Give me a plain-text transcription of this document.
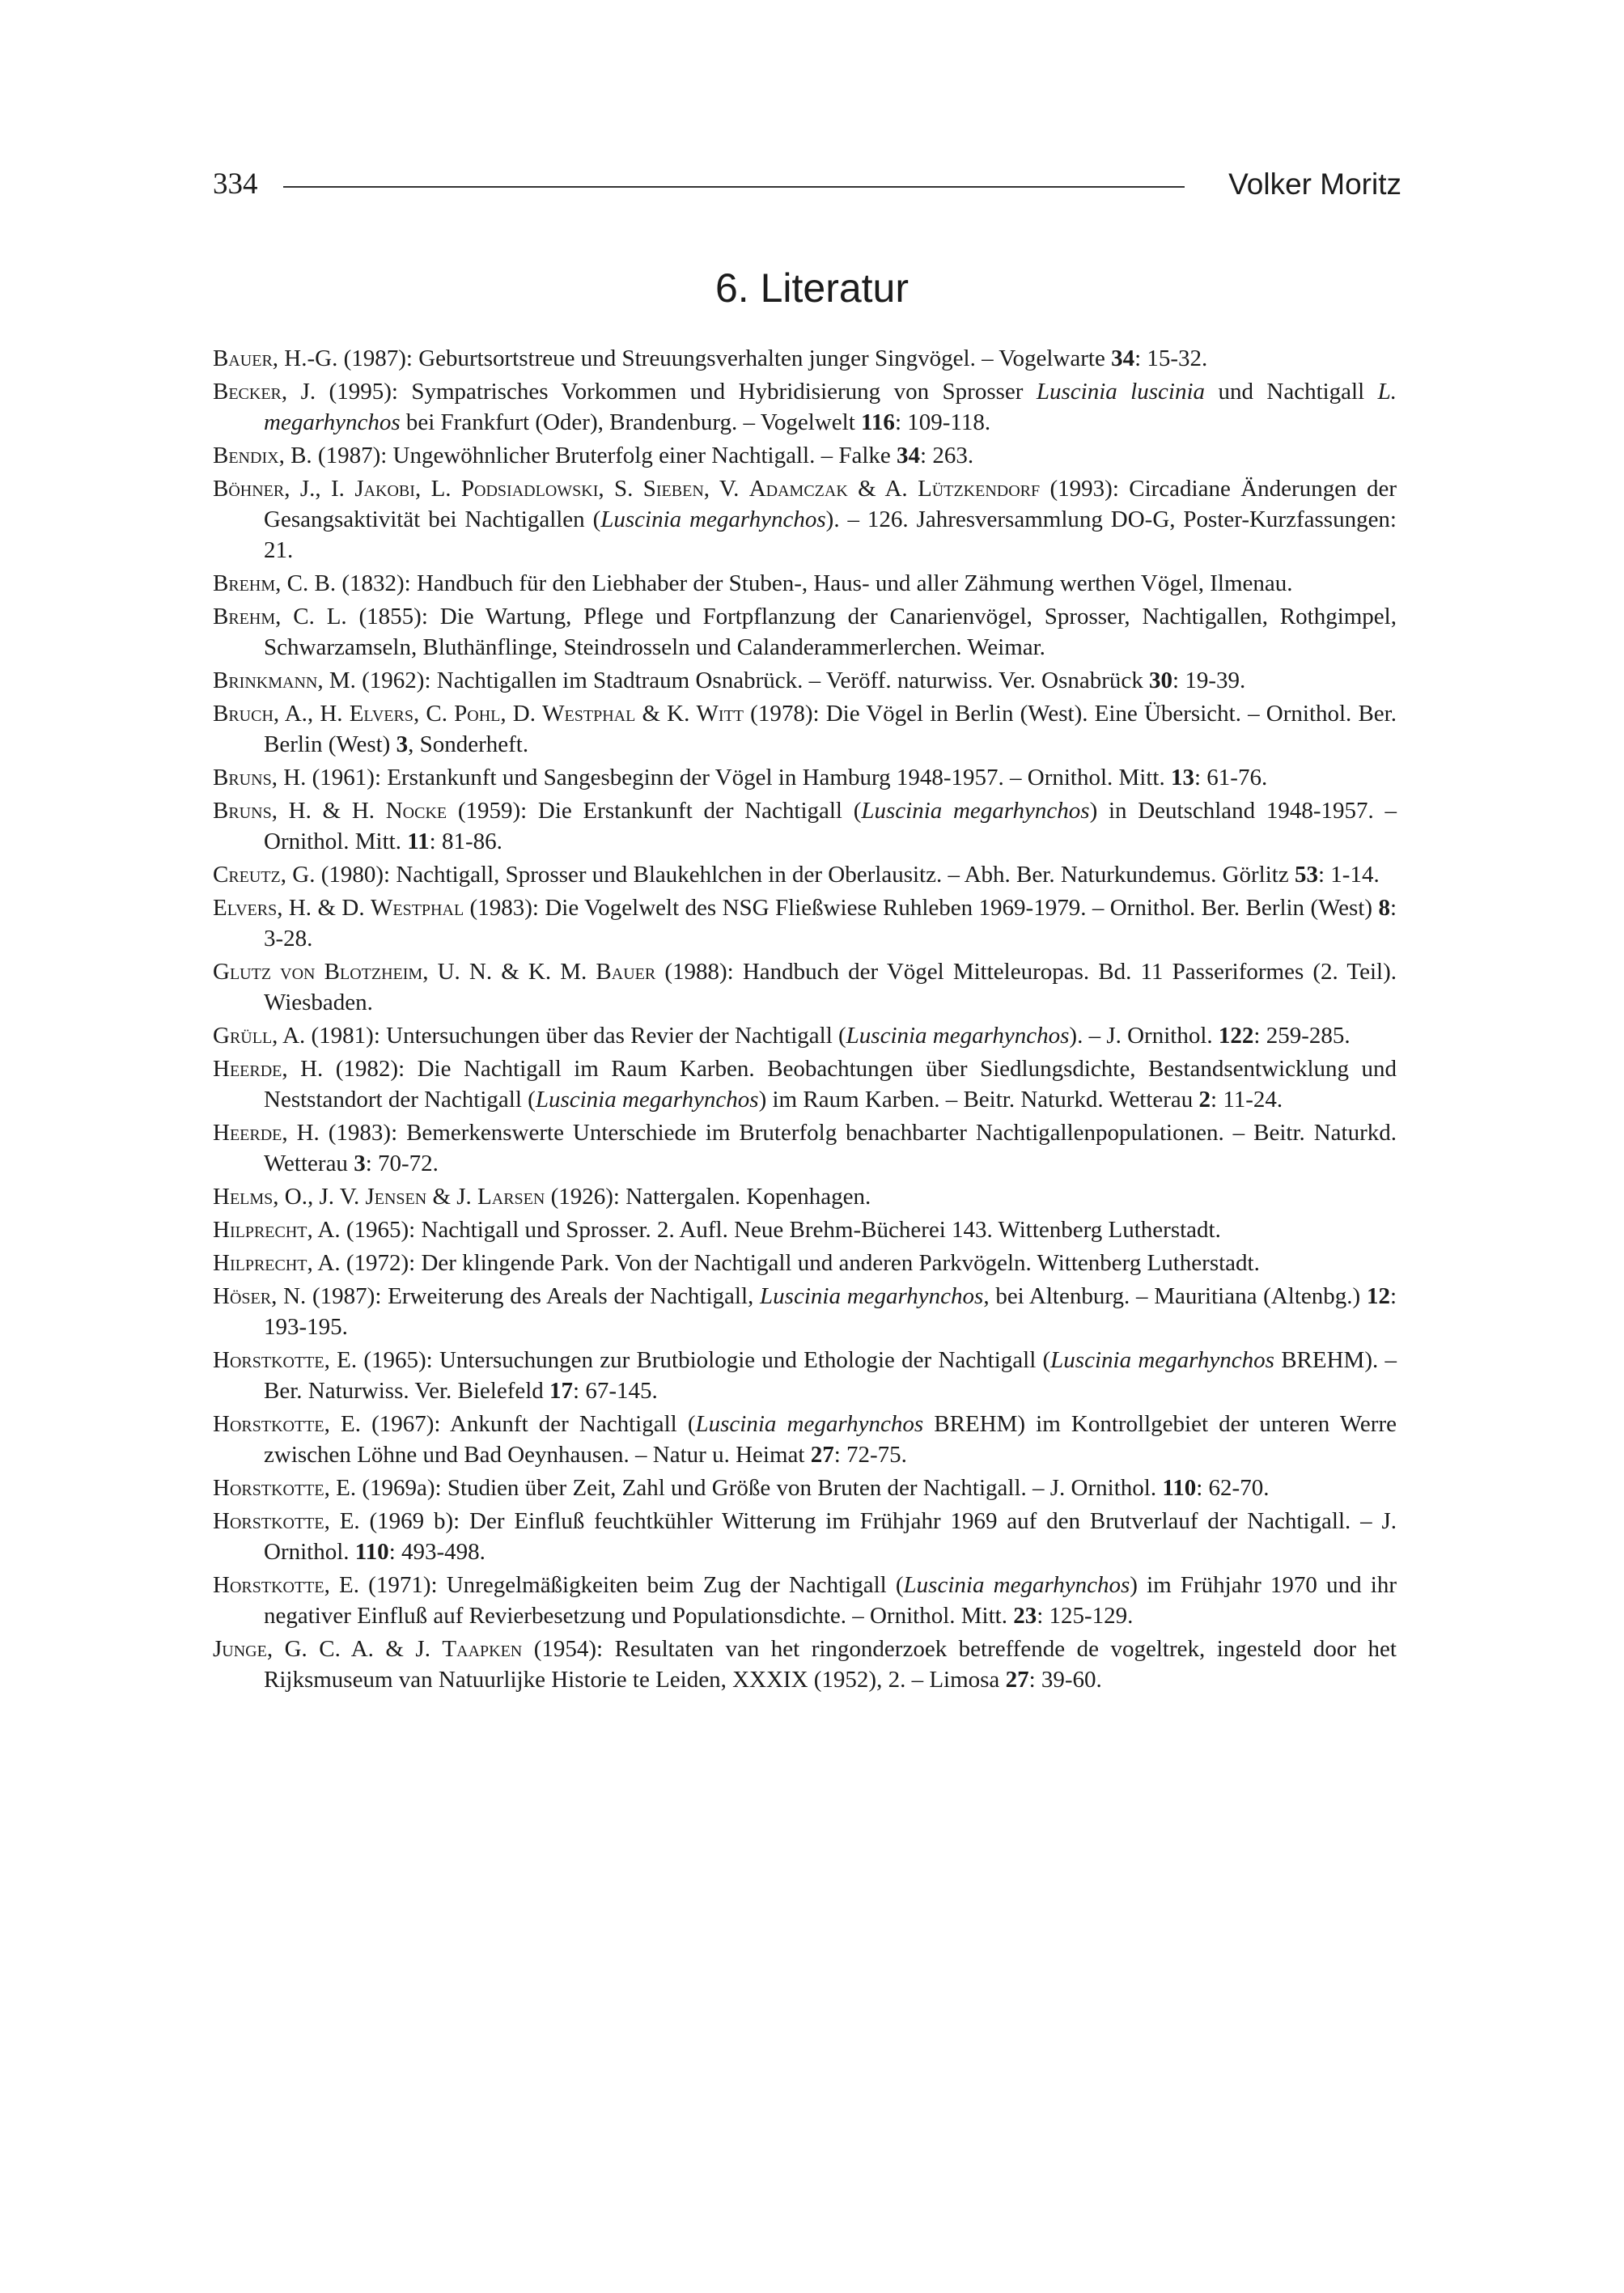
334	Volker Moritz
6. Literatur

Bauer, H.-G. (1987): Geburtsortstreue und Streuungsverhalten junger Singvögel. – Vogelwarte 34: 15-32.

Becker, J. (1995): Sympatrisches Vorkommen und Hybridisierung von Sprosser Luscinia luscinia und Nachtigall L. megarhynchos bei Frankfurt (Oder), Brandenburg. – Vogelwelt 116: 109-118.

Bendix, B. (1987): Ungewöhnlicher Bruterfolg einer Nachtigall. – Falke 34: 263.

Böhner, J., I. Jakobi, L. Podsiadlowski, S. Sieben, V. Adamczak & A. Lützkendorf (1993): Circadiane Änderungen der Gesangsaktivität bei Nachtigallen (Luscinia megarhynchos). – 126. Jahresversammlung DO-G, Poster-Kurzfassungen: 21.

Brehm, C. B. (1832): Handbuch für den Liebhaber der Stuben-, Haus- und aller Zähmung werthen Vögel, Ilmenau.

Brehm, C. L. (1855): Die Wartung, Pflege und Fortpflanzung der Canarienvögel, Sprosser, Nachtigallen, Rothgimpel, Schwarzamseln, Bluthänflinge, Steindrosseln und Calanderammerlerchen. Weimar.

Brinkmann, M. (1962): Nachtigallen im Stadtraum Osnabrück. – Veröff. naturwiss. Ver. Osnabrück 30: 19-39.

Bruch, A., H. Elvers, C. Pohl, D. Westphal & K. Witt (1978): Die Vögel in Berlin (West). Eine Übersicht. – Ornithol. Ber. Berlin (West) 3, Sonderheft.

Bruns, H. (1961): Erstankunft und Sangesbeginn der Vögel in Hamburg 1948-1957. – Ornithol. Mitt. 13: 61-76.

Bruns, H. & H. Nocke (1959): Die Erstankunft der Nachtigall (Luscinia megarhynchos) in Deutschland 1948-1957. – Ornithol. Mitt. 11: 81-86.

Creutz, G. (1980): Nachtigall, Sprosser und Blaukehlchen in der Oberlausitz. – Abh. Ber. Naturkundemus. Görlitz 53: 1-14.

Elvers, H. & D. Westphal (1983): Die Vogelwelt des NSG Fließwiese Ruhleben 1969-1979. – Ornithol. Ber. Berlin (West) 8: 3-28.

Glutz von Blotzheim, U. N. & K. M. Bauer (1988): Handbuch der Vögel Mitteleuropas. Bd. 11 Passeriformes (2. Teil). Wiesbaden.

Grüll, A. (1981): Untersuchungen über das Revier der Nachtigall (Luscinia megarhynchos). – J. Ornithol. 122: 259-285.

Heerde, H. (1982): Die Nachtigall im Raum Karben. Beobachtungen über Siedlungsdichte, Bestandsentwicklung und Neststandort der Nachtigall (Luscinia megarhynchos) im Raum Karben. – Beitr. Naturkd. Wetterau 2: 11-24.

Heerde, H. (1983): Bemerkenswerte Unterschiede im Bruterfolg benachbarter Nachtigallenpopulationen. – Beitr. Naturkd. Wetterau 3: 70-72.

Helms, O., J. V. Jensen & J. Larsen (1926): Nattergalen. Kopenhagen.

Hilprecht, A. (1965): Nachtigall und Sprosser. 2. Aufl. Neue Brehm-Bücherei 143. Wittenberg Lutherstadt.

Hilprecht, A. (1972): Der klingende Park. Von der Nachtigall und anderen Parkvögeln. Wittenberg Lutherstadt.

Höser, N. (1987): Erweiterung des Areals der Nachtigall, Luscinia megarhynchos, bei Altenburg. – Mauritiana (Altenbg.) 12: 193-195.

Horstkotte, E. (1965): Untersuchungen zur Brutbiologie und Ethologie der Nachtigall (Luscinia megarhynchos BREHM). – Ber. Naturwiss. Ver. Bielefeld 17: 67-145.

Horstkotte, E. (1967): Ankunft der Nachtigall (Luscinia megarhynchos BREHM) im Kontrollgebiet der unteren Werre zwischen Löhne und Bad Oeynhausen. – Natur u. Heimat 27: 72-75.

Horstkotte, E. (1969a): Studien über Zeit, Zahl und Größe von Bruten der Nachtigall. – J. Ornithol. 110: 62-70.

Horstkotte, E. (1969 b): Der Einfluß feuchtkühler Witterung im Frühjahr 1969 auf den Brutverlauf der Nachtigall. – J. Ornithol. 110: 493-498.

Horstkotte, E. (1971): Unregelmäßigkeiten beim Zug der Nachtigall (Luscinia megarhynchos) im Frühjahr 1970 und ihr negativer Einfluß auf Revierbesetzung und Populationsdichte. – Ornithol. Mitt. 23: 125-129.

Junge, G. C. A. & J. Taapken (1954): Resultaten van het ringonderzoek betreffende de vogeltrek, ingesteld door het Rijksmuseum van Natuurlijke Historie te Leiden, XXXIX (1952), 2. – Limosa 27: 39-60.
